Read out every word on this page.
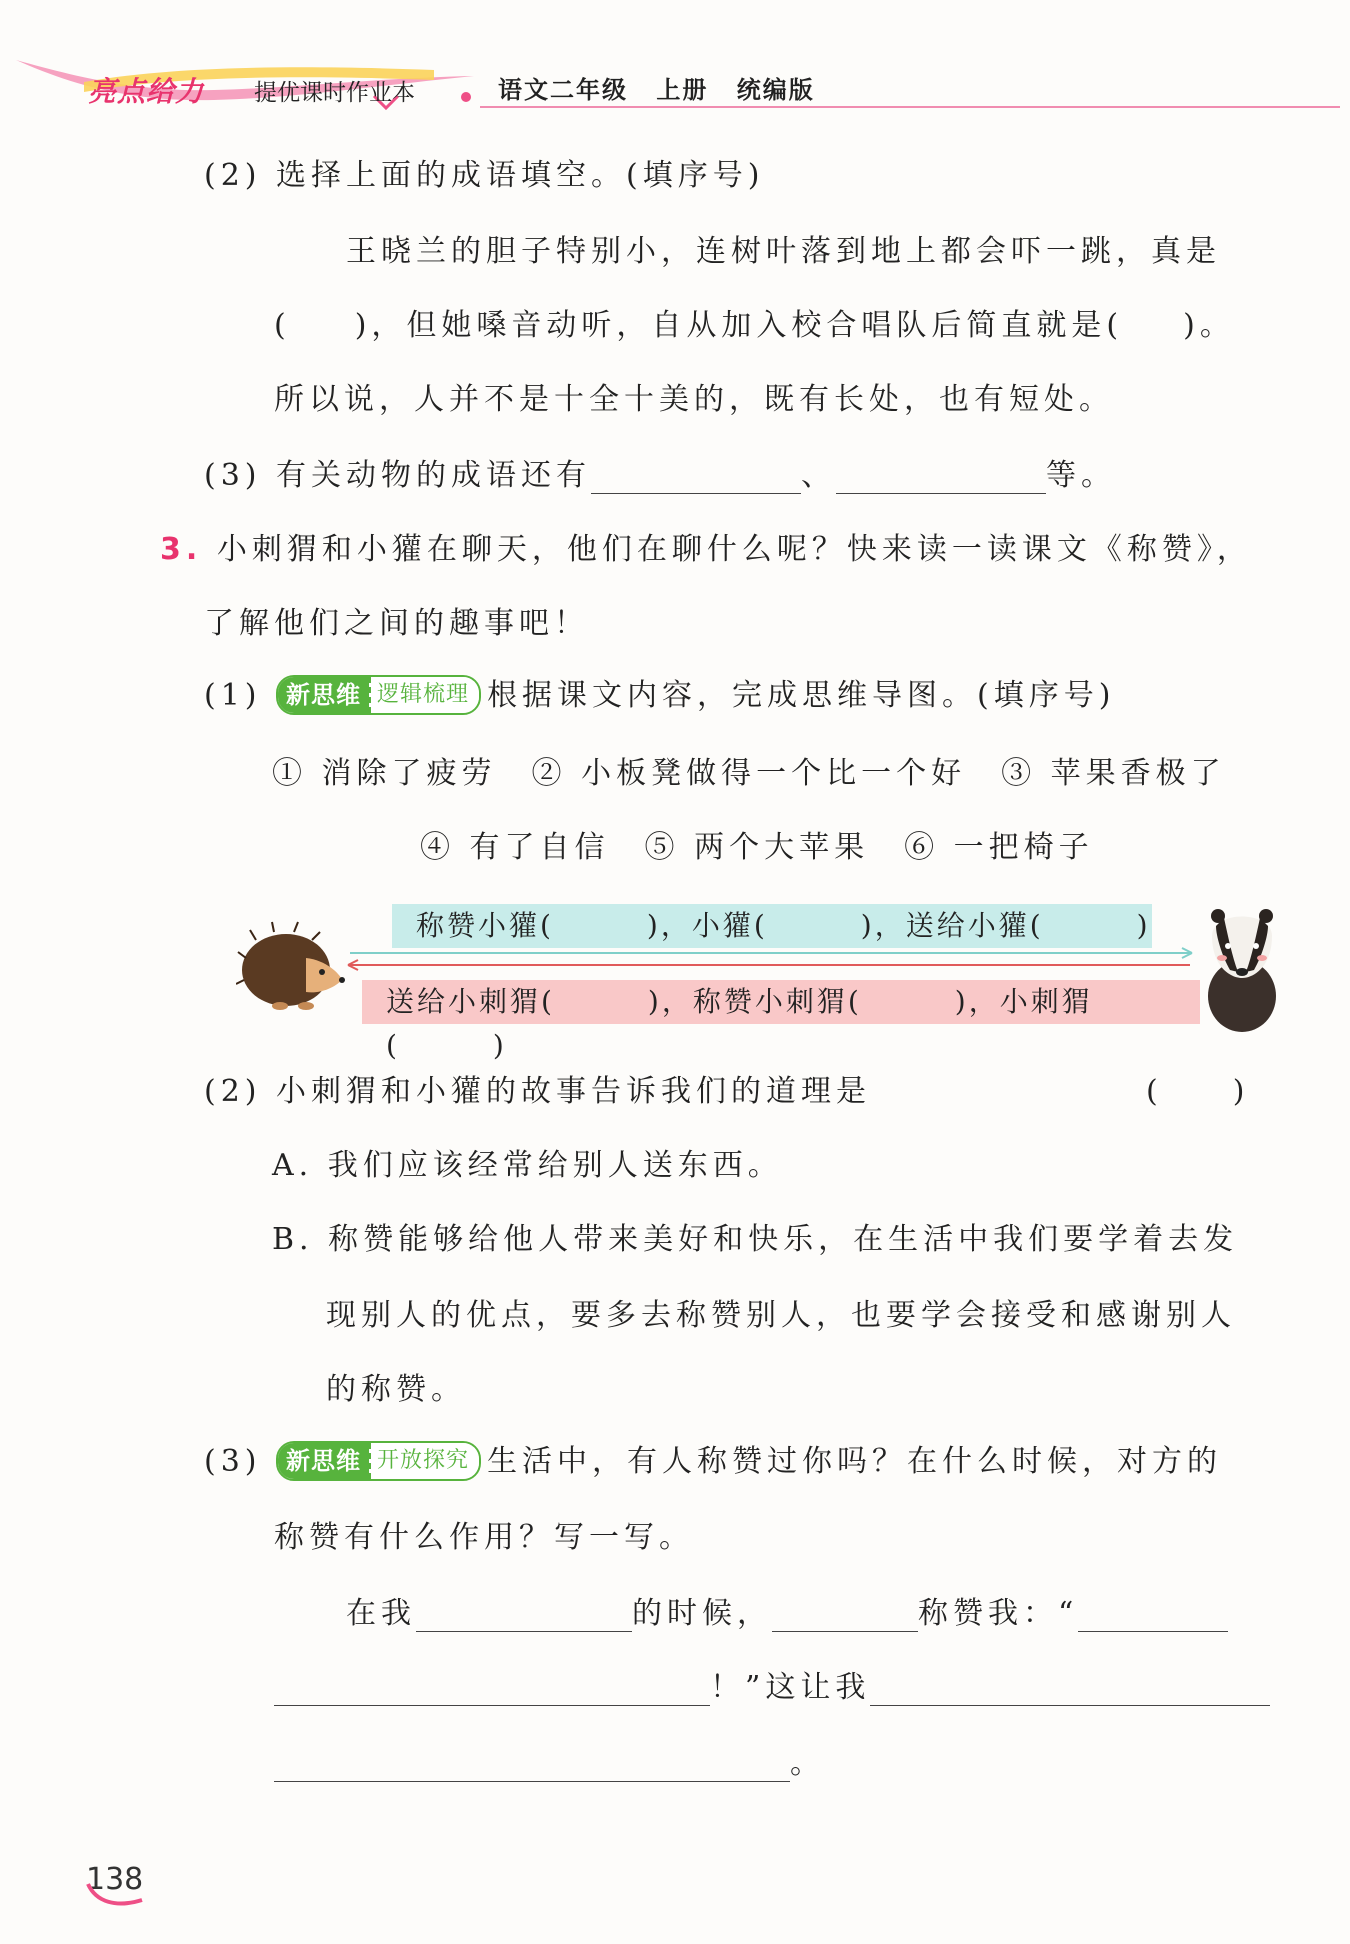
亮点给力 提优课时作业本	语文二年级 上册 统编版
(2) 选择上面的成语填空。(填序号)
王晓兰的胆子特别小，连树叶落到地上都会吓一跳，真是
( )，但她嗓音动听，自从加入校合唱队后简直就是( )。
所以说，人并不是十全十美的，既有长处，也有短处。
(3) 有关动物的成语还有	、	等。
3. 小刺猬和小獾在聊天，他们在聊什么呢？快来读一读课文《称赞》，
了解他们之间的趣事吧！
(1)	新思维 逻辑梳理 根据课文内容，完成思维导图。(填序号)
① 消除了疲劳　② 小板凳做得一个比一个好　③ 苹果香极了
④ 有了自信　⑤ 两个大苹果　⑥ 一把椅子
称赞小獾(　　　)，小獾(　　　)，送给小獾(　　　)
送给小刺猬(　　　)，称赞小刺猬(　　　)，小刺猬(　　　)
(2) 小刺猬和小獾的故事告诉我们的道理是	(　　)
A. 我们应该经常给别人送东西。
B. 称赞能够给他人带来美好和快乐，在生活中我们要学着去发
现别人的优点，要多去称赞别人，也要学会接受和感谢别人
的称赞。
(3)	新思维 开放探究 生活中，有人称赞过你吗？在什么时候，对方的
称赞有什么作用？写一写。
在我	的时候，	称赞我：“
！”这让我
。
138
